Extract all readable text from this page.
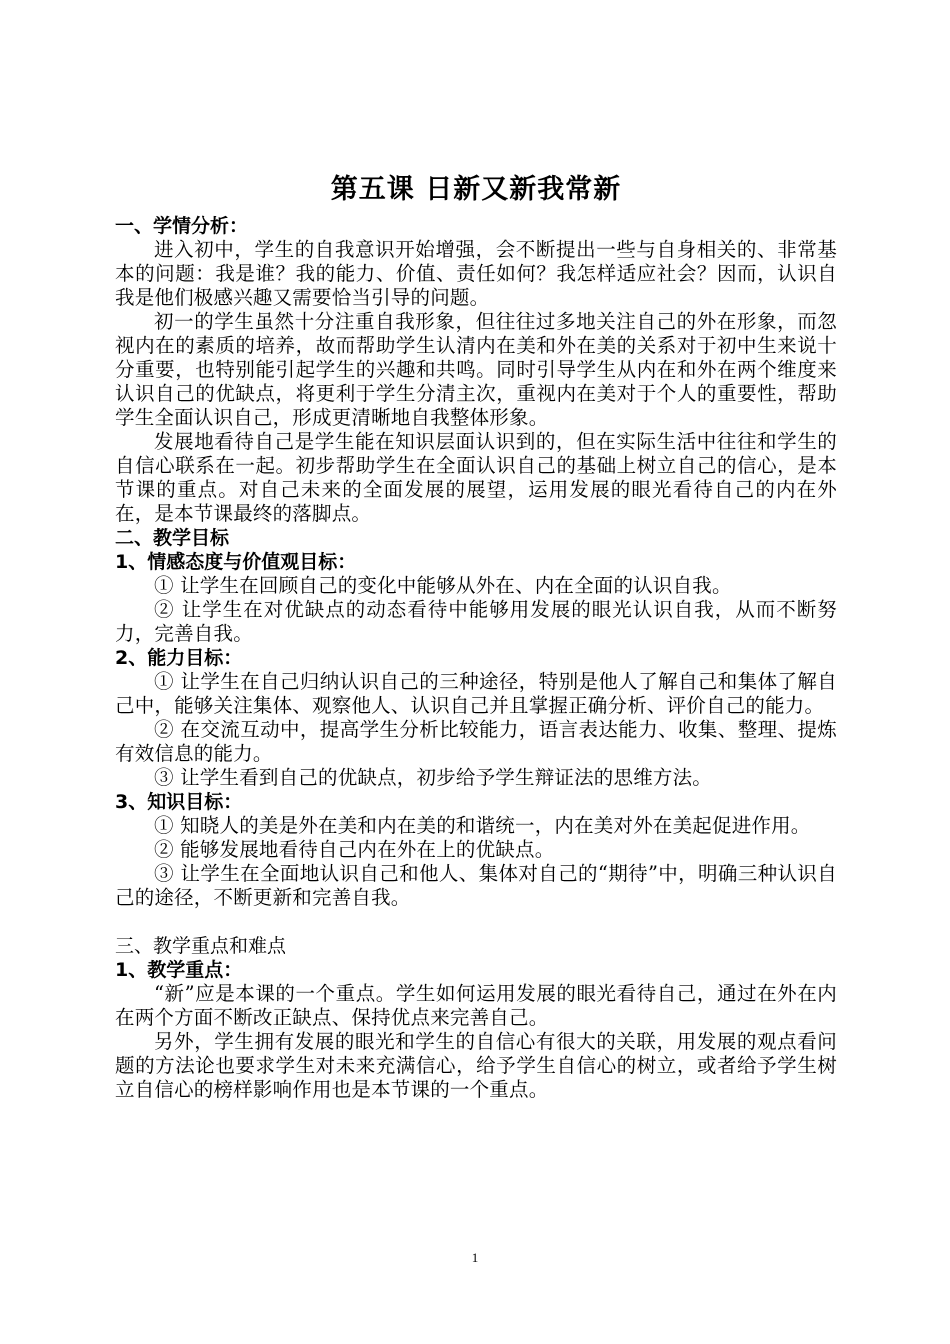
第五课 日新又新我常新
一、学情分析：

进入初中，学生的自我意识开始增强，会不断提出一些与自身相关的、非常基本的问题：我是谁？我的能力、价值、责任如何？我怎样适应社会？因而，认识自我是他们极感兴趣又需要恰当引导的问题。

初一的学生虽然十分注重自我形象，但往往过多地关注自己的外在形象，而忽视内在的素质的培养，故而帮助学生认清内在美和外在美的关系对于初中生来说十分重要，也特别能引起学生的兴趣和共鸣。同时引导学生从内在和外在两个维度来认识自己的优缺点，将更利于学生分清主次，重视内在美对于个人的重要性，帮助学生全面认识自己，形成更清晰地自我整体形象。

发展地看待自己是学生能在知识层面认识到的，但在实际生活中往往和学生的自信心联系在一起。初步帮助学生在全面认识自己的基础上树立自己的信心，是本节课的重点。对自己未来的全面发展的展望，运用发展的眼光看待自己的内在外在，是本节课最终的落脚点。

二、教学目标
1、情感态度与价值观目标：

① 让学生在回顾自己的变化中能够从外在、内在全面的认识自我。

② 让学生在对优缺点的动态看待中能够用发展的眼光认识自我，从而不断努力，完善自我。

2、能力目标：

① 让学生在自己归纳认识自己的三种途径，特别是他人了解自己和集体了解自己中，能够关注集体、观察他人、认识自己并且掌握正确分析、评价自己的能力。

② 在交流互动中，提高学生分析比较能力，语言表达能力、收集、整理、提炼有效信息的能力。

③ 让学生看到自己的优缺点，初步给予学生辩证法的思维方法。

3、知识目标：

① 知晓人的美是外在美和内在美的和谐统一，内在美对外在美起促进作用。

② 能够发展地看待自己内在外在上的优缺点。

③ 让学生在全面地认识自己和他人、集体对自己的“期待”中，明确三种认识自己的途径，不断更新和完善自我。

三、教学重点和难点
1、教学重点：

“新”应是本课的一个重点。学生如何运用发展的眼光看待自己，通过在外在内在两个方面不断改正缺点、保持优点来完善自己。

另外，学生拥有发展的眼光和学生的自信心有很大的关联，用发展的观点看问题的方法论也要求学生对未来充满信心，给予学生自信心的树立，或者给予学生树立自信心的榜样影响作用也是本节课的一个重点。

1
